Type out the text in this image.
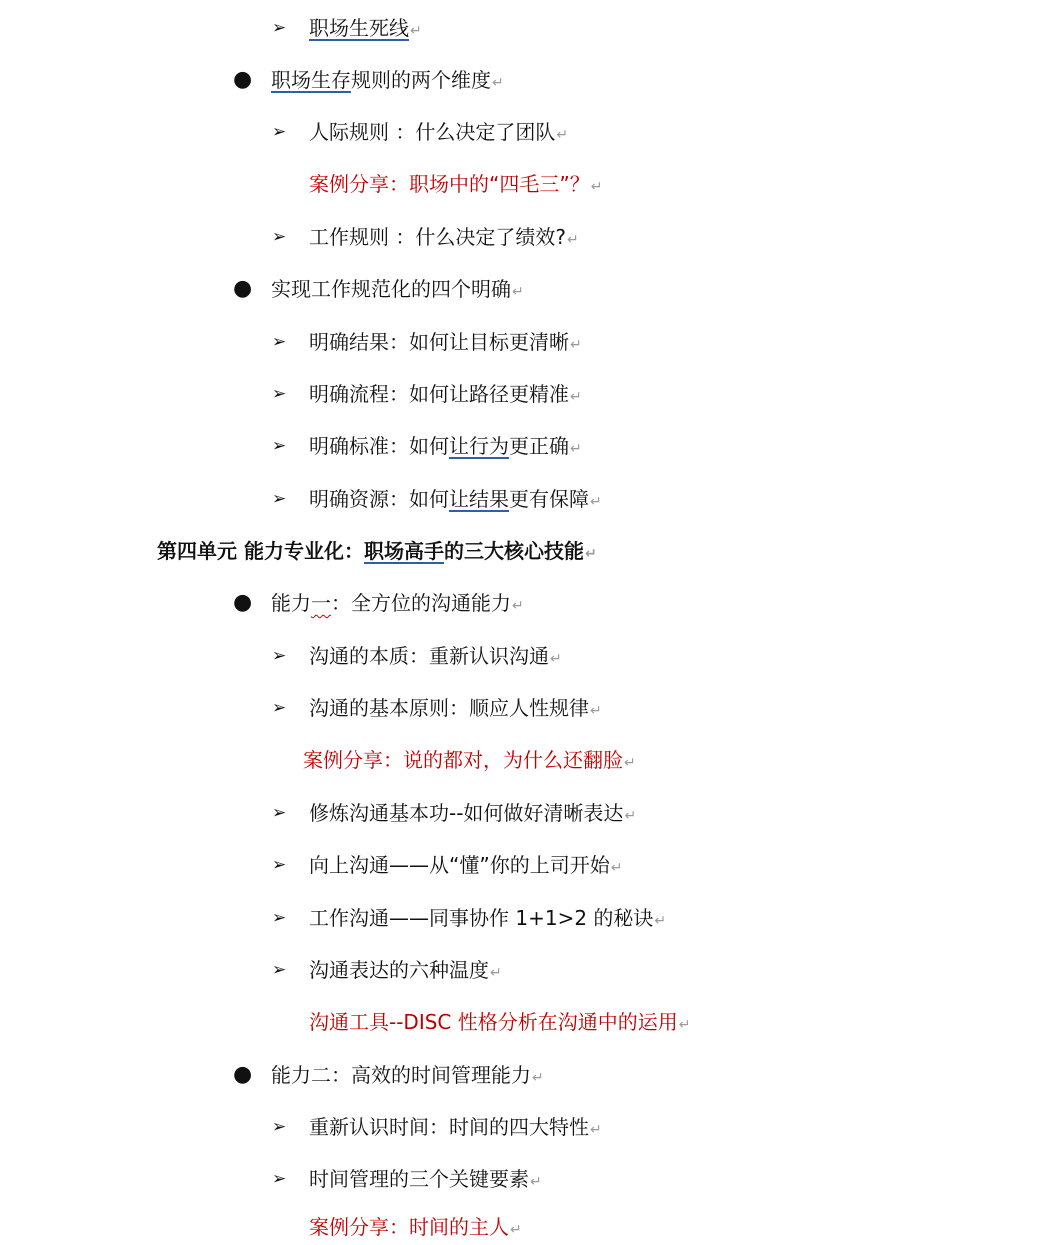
➢ 职场生死线↵
● 职场生存规则的两个维度↵
➢ 人际规则 ：什么决定了团队↵
案例分享：职场中的“四毛三”？↵
➢ 工作规则 ：什么决定了绩效?↵
● 实现工作规范化的四个明确↵
➢ 明确结果：如何让目标更清晰↵
➢ 明确流程：如何让路径更精准↵
➢ 明确标准：如何让行为更正确↵
➢ 明确资源：如何让结果更有保障↵
第四单元 能力专业化：职场高手的三大核心技能↵
● 能力一：全方位的沟通能力↵
➢ 沟通的本质：重新认识沟通↵
➢ 沟通的基本原则：顺应人性规律↵
案例分享：说的都对，为什么还翻脸↵
➢ 修炼沟通基本功--如何做好清晰表达↵
➢ 向上沟通——从“懂”你的上司开始↵
➢ 工作沟通——同事协作 1+1>2 的秘诀↵
➢ 沟通表达的六种温度↵
沟通工具--DISC 性格分析在沟通中的运用↵
● 能力二：高效的时间管理能力↵
➢ 重新认识时间：时间的四大特性↵
➢ 时间管理的三个关键要素↵
案例分享：时间的主人↵
